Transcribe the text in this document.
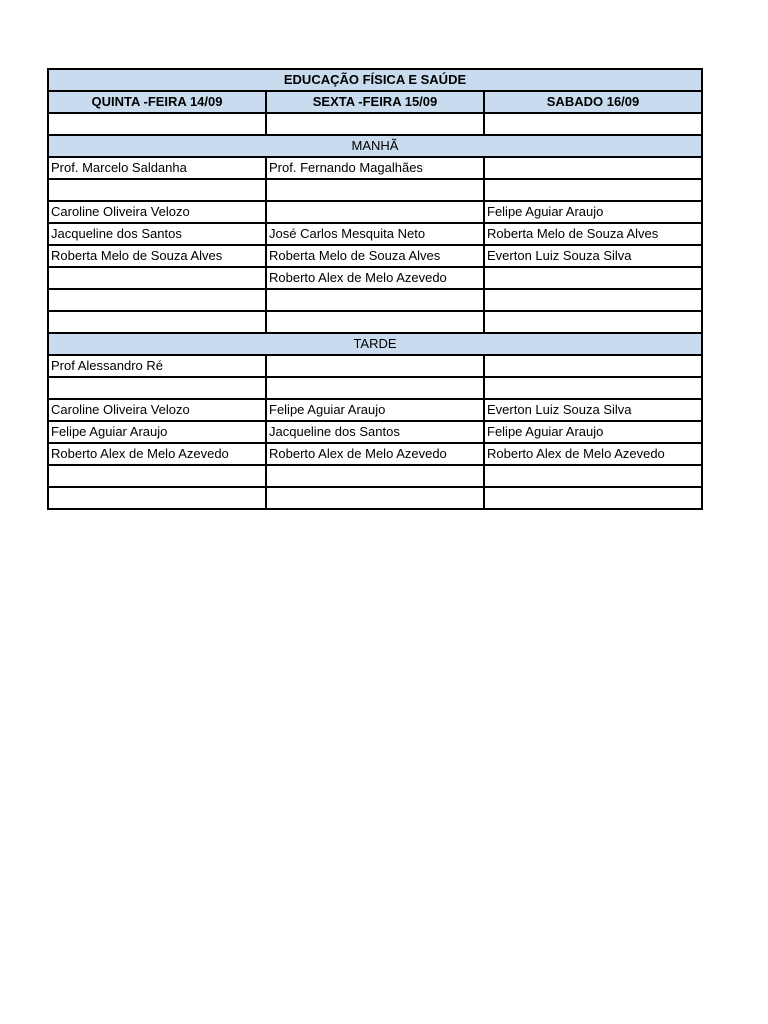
EDUCAÇÃO FÍSICA E SAÚDE		
QUINTA -FEIRA 14/09	SEXTA -FEIRA 15/09	SABADO 16/09

MANHÃ		
Prof. Marcelo Saldanha	Prof. Fernando Magalhães	

Caroline Oliveira Velozo		Felipe Aguiar Araujo
Jacqueline dos Santos	José Carlos Mesquita Neto	Roberta Melo de Souza Alves
Roberta Melo de Souza Alves	Roberta Melo de Souza Alves	Everton Luiz Souza Silva
	Roberto Alex de Melo Azevedo	

TARDE		
Prof Alessandro Ré		

Caroline Oliveira Velozo	Felipe Aguiar Araujo	Everton Luiz Souza Silva
Felipe Aguiar Araujo	Jacqueline dos Santos	Felipe Aguiar Araujo
Roberto Alex de Melo Azevedo	Roberto Alex de Melo Azevedo	Roberto Alex de Melo Azevedo
